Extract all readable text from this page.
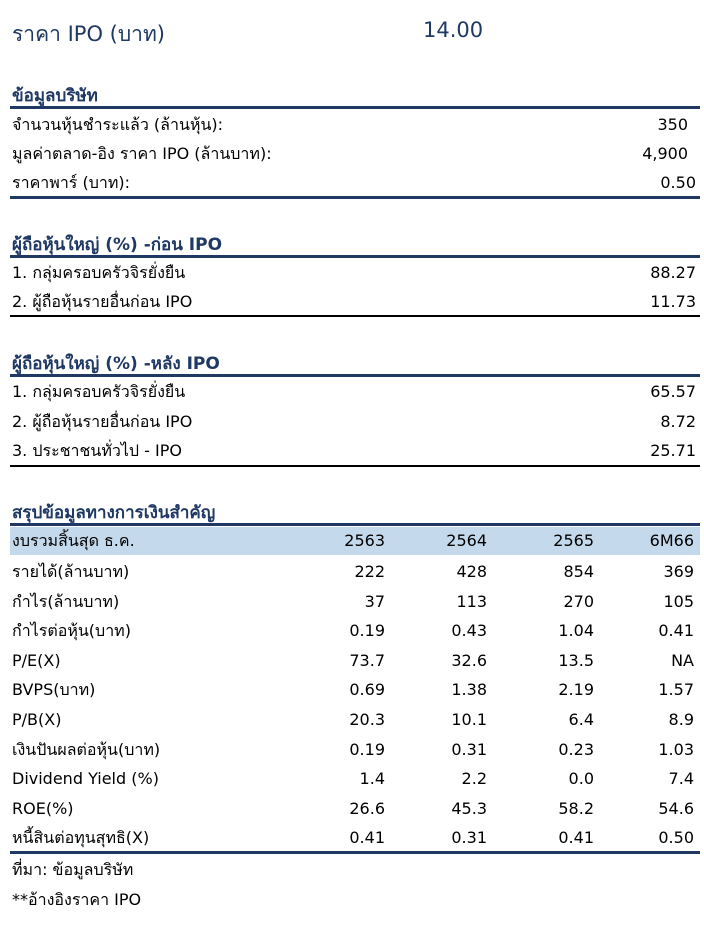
ราคา IPO (บาท)	14.00
ข้อมูลบริษัท
จำนวนหุ้นชำระแล้ว (ล้านหุ้น):	350
มูลค่าตลาด-อิง ราคา IPO (ล้านบาท):	4,900
ราคาพาร์ (บาท):	0.50
ผู้ถือหุ้นใหญ่ (%) -ก่อน IPO
1. กลุ่มครอบครัวจิรยั่งยืน	88.27
2. ผู้ถือหุ้นรายอื่นก่อน IPO	11.73
ผู้ถือหุ้นใหญ่ (%) -หลัง IPO
1. กลุ่มครอบครัวจิรยั่งยืน	65.57
2. ผู้ถือหุ้นรายอื่นก่อน IPO	8.72
3. ประชาชนทั่วไป - IPO	25.71
สรุปข้อมูลทางการเงินสำคัญ
งบรวมสิ้นสุด ธ.ค.	2563	2564	2565	6M66
รายได้(ล้านบาท)	222	428	854	369
กำไร(ล้านบาท)	37	113	270	105
กำไรต่อหุ้น(บาท)	0.19	0.43	1.04	0.41
P/E(X)	73.7	32.6	13.5	NA
BVPS(บาท)	0.69	1.38	2.19	1.57
P/B(X)	20.3	10.1	6.4	8.9
เงินปันผลต่อหุ้น(บาท)	0.19	0.31	0.23	1.03
Dividend Yield (%)	1.4	2.2	0.0	7.4
ROE(%)	26.6	45.3	58.2	54.6
หนี้สินต่อทุนสุทธิ(X)	0.41	0.31	0.41	0.50
ที่มา: ข้อมูลบริษัท
**อ้างอิงราคา IPO
